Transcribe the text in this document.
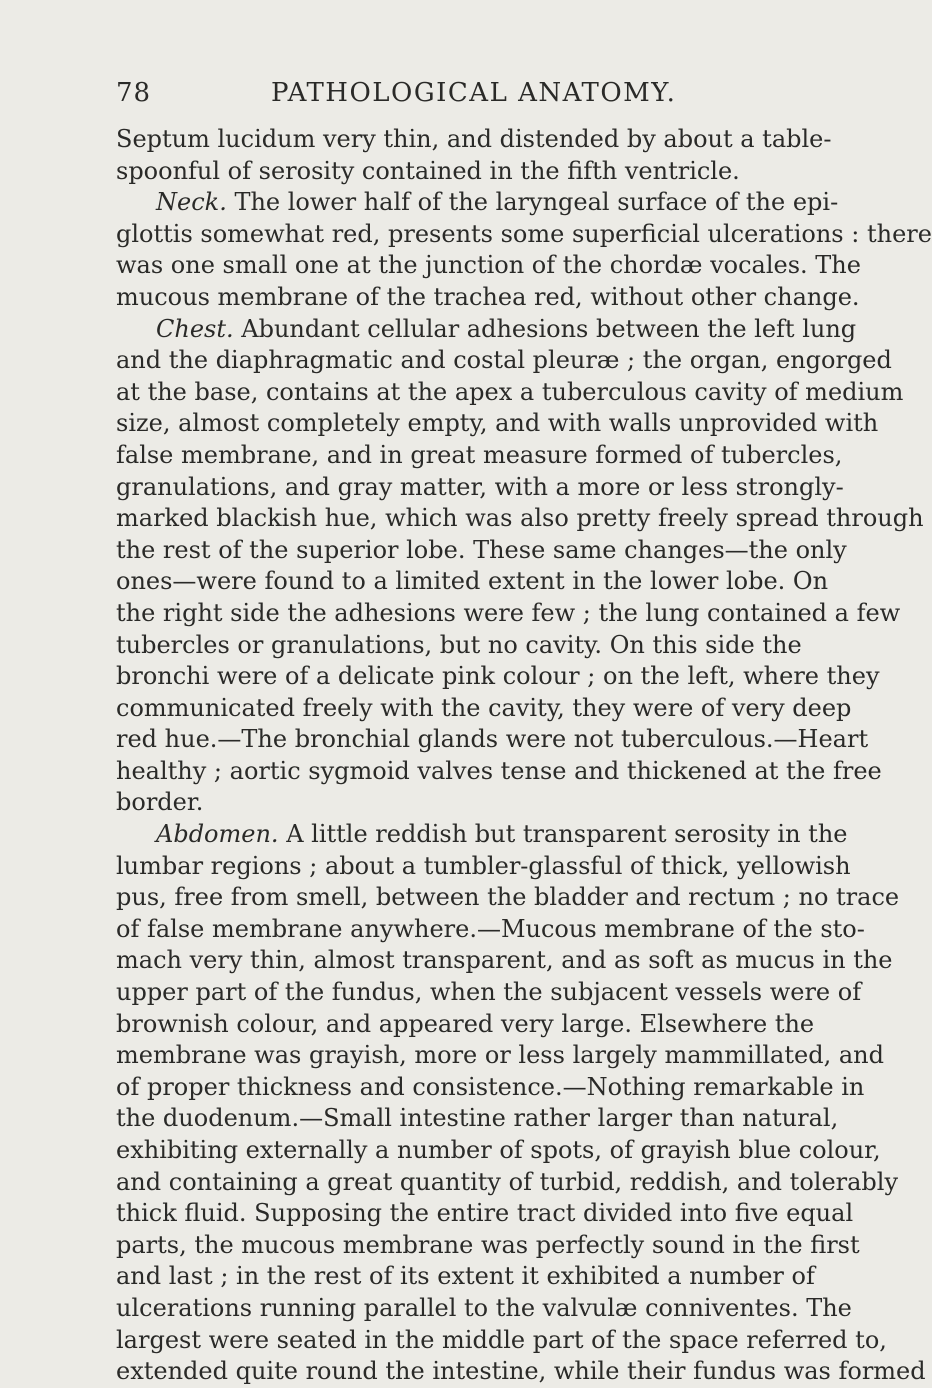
78	PATHOLOGICAL ANATOMY.
Septum lucidum very thin, and distended by about a table-
spoonful of serosity contained in the fifth ventricle.
Neck. The lower half of the laryngeal surface of the epi-
glottis somewhat red, presents some superficial ulcerations : there
was one small one at the junction of the chordæ vocales. The
mucous membrane of the trachea red, without other change.
Chest. Abundant cellular adhesions between the left lung
and the diaphragmatic and costal pleuræ ; the organ, engorged
at the base, contains at the apex a tuberculous cavity of medium
size, almost completely empty, and with walls unprovided with
false membrane, and in great measure formed of tubercles,
granulations, and gray matter, with a more or less strongly-
marked blackish hue, which was also pretty freely spread through
the rest of the superior lobe. These same changes—the only
ones—were found to a limited extent in the lower lobe. On
the right side the adhesions were few ; the lung contained a few
tubercles or granulations, but no cavity. On this side the
bronchi were of a delicate pink colour ; on the left, where they
communicated freely with the cavity, they were of very deep
red hue.—The bronchial glands were not tuberculous.—Heart
healthy ; aortic sygmoid valves tense and thickened at the free
border.
Abdomen. A little reddish but transparent serosity in the
lumbar regions ; about a tumbler-glassful of thick, yellowish
pus, free from smell, between the bladder and rectum ; no trace
of false membrane anywhere.—Mucous membrane of the sto-
mach very thin, almost transparent, and as soft as mucus in the
upper part of the fundus, when the subjacent vessels were of
brownish colour, and appeared very large. Elsewhere the
membrane was grayish, more or less largely mammillated, and
of proper thickness and consistence.—Nothing remarkable in
the duodenum.—Small intestine rather larger than natural,
exhibiting externally a number of spots, of grayish blue colour,
and containing a great quantity of turbid, reddish, and tolerably
thick fluid. Supposing the entire tract divided into five equal
parts, the mucous membrane was perfectly sound in the first
and last ; in the rest of its extent it exhibited a number of
ulcerations running parallel to the valvulæ conniventes. The
largest were seated in the middle part of the space referred to,
extended quite round the intestine, while their fundus was formed
